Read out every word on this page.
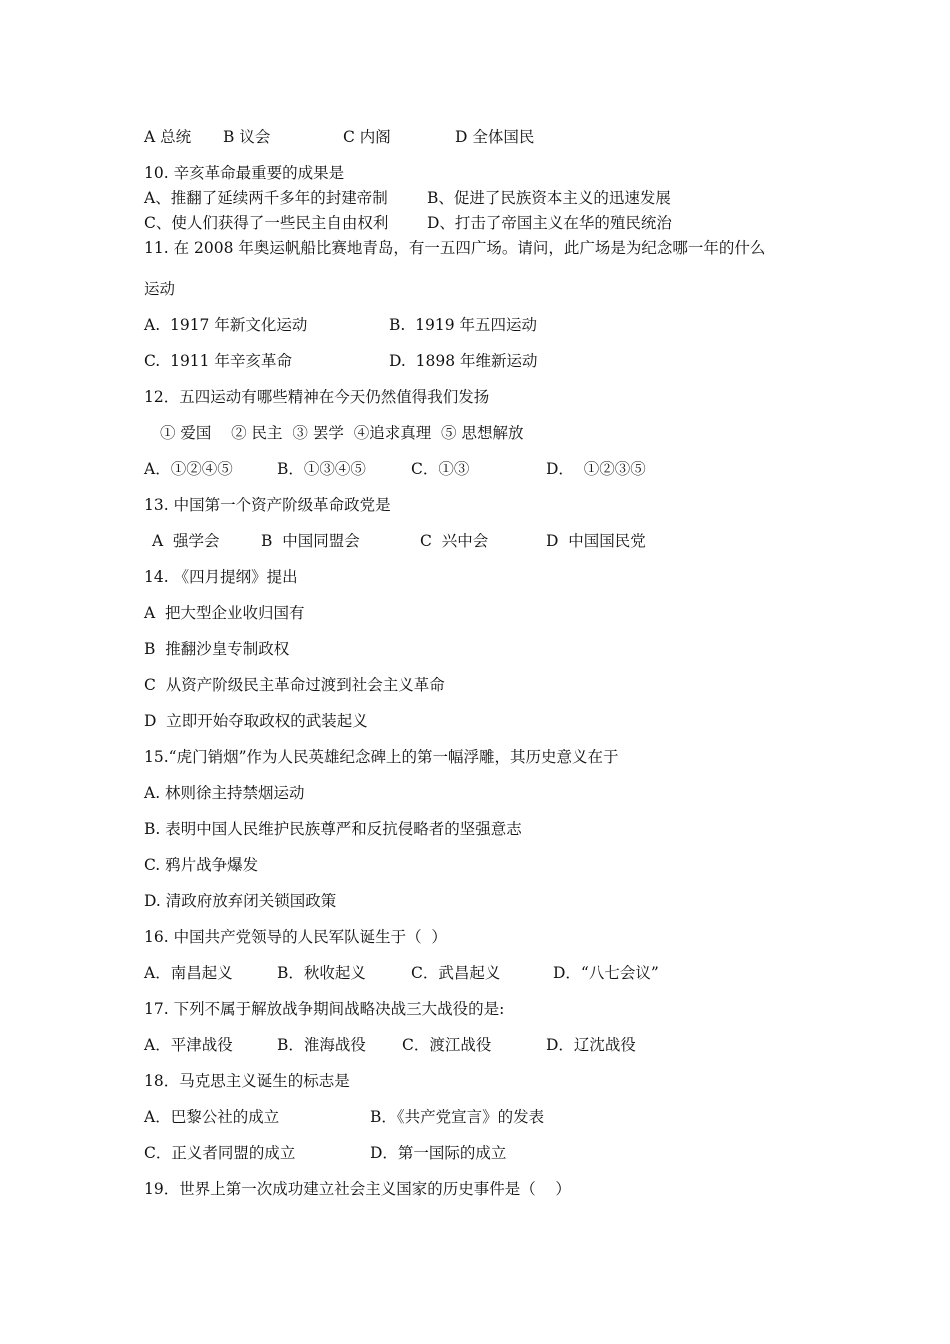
A 总统 B 议会	C 内阁	D 全体国民
10. 辛亥革命最重要的成果是
A、推翻了延续两千多年的封建帝制	B、促进了民族资本主义的迅速发展
C、使人们获得了一些民主自由权利 D、打击了帝国主义在华的殖民统治
11. 在 2008 年奥运帆船比赛地青岛，有一五四广场。请问，此广场是为纪念哪一年的什么
运动
A.  1917 年新文化运动	B.  1919 年五四运动
C.  1911 年辛亥革命	D.  1898 年维新运动
12．五四运动有哪些精神在今天仍然值得我们发扬
① 爱国    ② 民主  ③ 罢学  ④追求真理  ⑤ 思想解放
A．①②④⑤	B．①③④⑤	C．①③	D．  ①②③⑤
13. 中国第一个资产阶级革命政党是
A  强学会	B  中国同盟会	C  兴中会	D  中国国民党
14. 《四月提纲》提出
A  把大型企业收归国有
B  推翻沙皇专制政权
C  从资产阶级民主革命过渡到社会主义革命
D  立即开始夺取政权的武装起义
15.“虎门销烟”作为人民英雄纪念碑上的第一幅浮雕，其历史意义在于
A. 林则徐主持禁烟运动
B. 表明中国人民维护民族尊严和反抗侵略者的坚强意志
C. 鸦片战争爆发
D. 清政府放弃闭关锁国政策
16. 中国共产党领导的人民军队诞生于（  ）
A．南昌起义	B．秋收起义	C．武昌起义	D．“八七会议”
17. 下列不属于解放战争期间战略决战三大战役的是:
A．平津战役	B．淮海战役 C．渡江战役	D．辽沈战役
18．马克思主义诞生的标志是
A．巴黎公社的成立	B．《共产党宣言》的发表
C．正义者同盟的成立	D．第一国际的成立
19．世界上第一次成功建立社会主义国家的历史事件是（    ）
